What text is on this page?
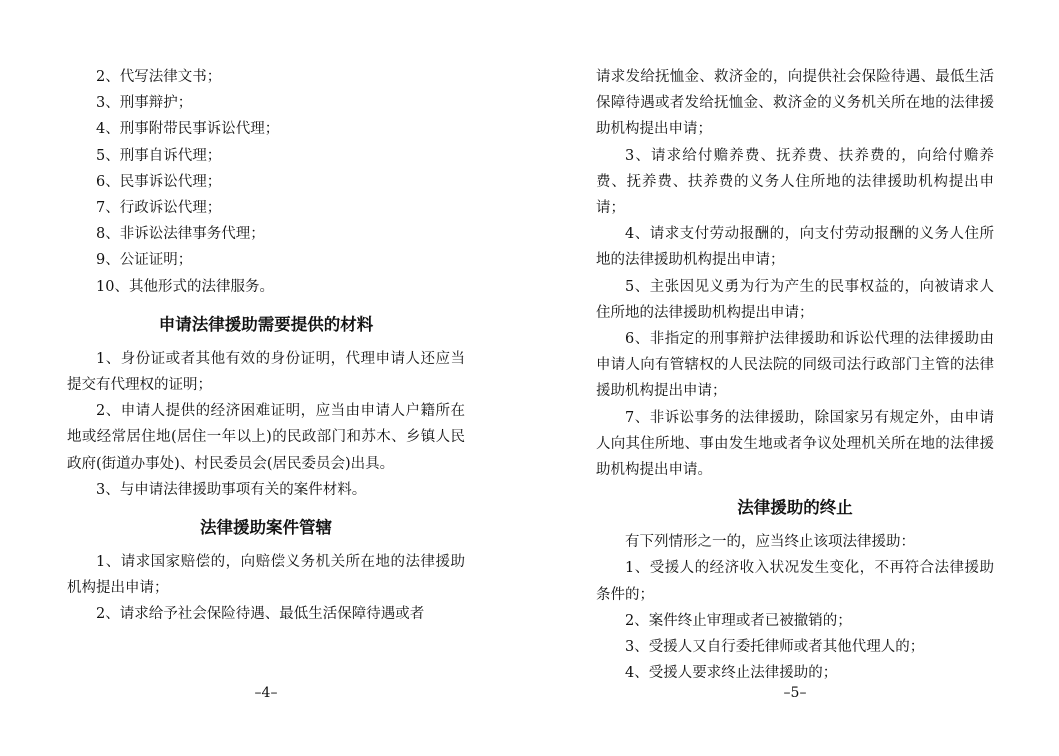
2、代写法律文书；

3、刑事辩护；

4、刑事附带民事诉讼代理；

5、刑事自诉代理；

6、民事诉讼代理；

7、行政诉讼代理；

8、非诉讼法律事务代理；

9、公证证明；

10、其他形式的法律服务。

申请法律援助需要提供的材料

1、身份证或者其他有效的身份证明，代理申请人还应当提交有代理权的证明；

2、申请人提供的经济困难证明，应当由申请人户籍所在地或经常居住地(居住一年以上)的民政部门和苏木、乡镇人民政府(街道办事处)、村民委员会(居民委员会)出具。

3、与申请法律援助事项有关的案件材料。

法律援助案件管辖

1、请求国家赔偿的，向赔偿义务机关所在地的法律援助机构提出申请；

2、请求给予社会保险待遇、最低生活保障待遇或者

–4–

请求发给抚恤金、救济金的，向提供社会保险待遇、最低生活保障待遇或者发给抚恤金、救济金的义务机关所在地的法律援助机构提出申请；

3、请求给付赡养费、抚养费、扶养费的，向给付赡养费、抚养费、扶养费的义务人住所地的法律援助机构提出申请；

4、请求支付劳动报酬的，向支付劳动报酬的义务人住所地的法律援助机构提出申请；

5、主张因见义勇为行为产生的民事权益的，向被请求人住所地的法律援助机构提出申请；

6、非指定的刑事辩护法律援助和诉讼代理的法律援助由申请人向有管辖权的人民法院的同级司法行政部门主管的法律援助机构提出申请；

7、非诉讼事务的法律援助，除国家另有规定外，由申请人向其住所地、事由发生地或者争议处理机关所在地的法律援助机构提出申请。

法律援助的终止

有下列情形之一的，应当终止该项法律援助：

1、受援人的经济收入状况发生变化，不再符合法律援助条件的；

2、案件终止审理或者已被撤销的；

3、受援人又自行委托律师或者其他代理人的；

4、受援人要求终止法律援助的；

–5–
